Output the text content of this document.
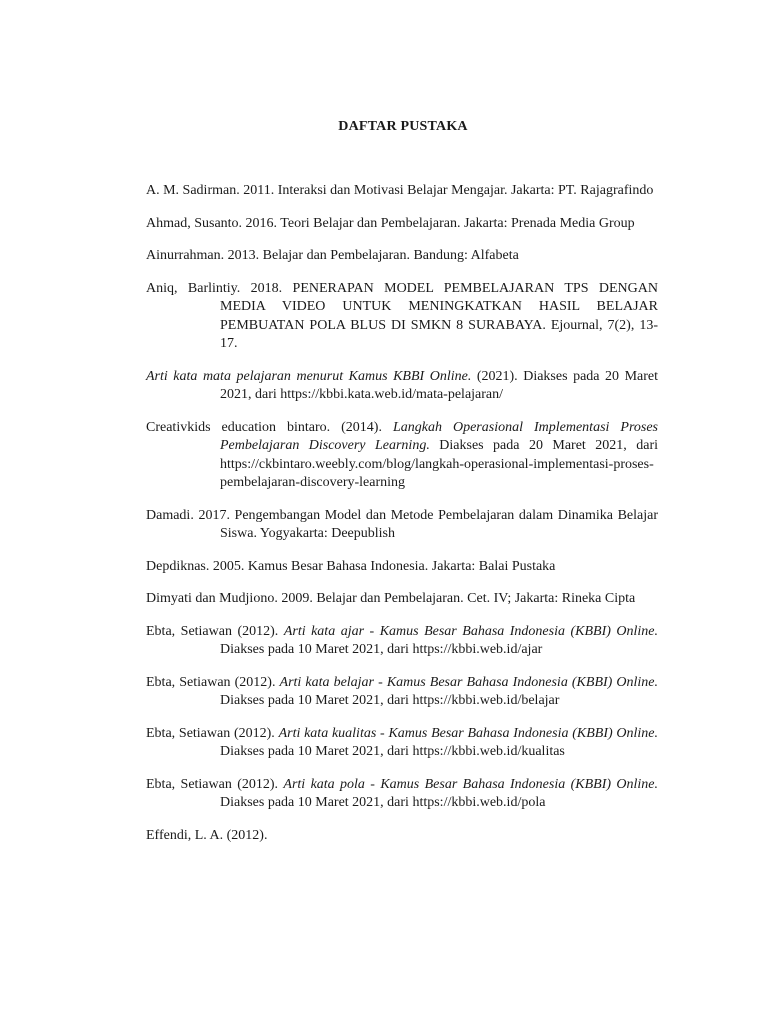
DAFTAR PUSTAKA

A. M. Sadirman. 2011. Interaksi dan Motivasi Belajar Mengajar. Jakarta: PT. Rajagrafindo

Ahmad, Susanto. 2016. Teori Belajar dan Pembelajaran. Jakarta: Prenada Media Group

Ainurrahman. 2013. Belajar dan Pembelajaran. Bandung: Alfabeta

Aniq, Barlintiy. 2018. PENERAPAN MODEL PEMBELAJARAN TPS DENGAN MEDIA VIDEO UNTUK MENINGKATKAN HASIL BELAJAR PEMBUATAN POLA BLUS DI SMKN 8 SURABAYA. Ejournal, 7(2), 13-17.

Arti kata mata pelajaran menurut Kamus KBBI Online. (2021). Diakses pada 20 Maret 2021, dari https://kbbi.kata.web.id/mata-pelajaran/

Creativkids education bintaro. (2014). Langkah Operasional Implementasi Proses Pembelajaran Discovery Learning. Diakses pada 20 Maret 2021, dari https://ckbintaro.weebly.com/blog/langkah-operasional-implementasi-proses-pembelajaran-discovery-learning

Damadi. 2017. Pengembangan Model dan Metode Pembelajaran dalam Dinamika Belajar Siswa. Yogyakarta: Deepublish

Depdiknas. 2005. Kamus Besar Bahasa Indonesia. Jakarta: Balai Pustaka

Dimyati dan Mudjiono. 2009. Belajar dan Pembelajaran. Cet. IV; Jakarta: Rineka Cipta

Ebta, Setiawan (2012). Arti kata ajar - Kamus Besar Bahasa Indonesia (KBBI) Online. Diakses pada 10 Maret 2021, dari https://kbbi.web.id/ajar

Ebta, Setiawan (2012). Arti kata belajar - Kamus Besar Bahasa Indonesia (KBBI) Online. Diakses pada 10 Maret 2021, dari https://kbbi.web.id/belajar

Ebta, Setiawan (2012). Arti kata kualitas - Kamus Besar Bahasa Indonesia (KBBI) Online. Diakses pada 10 Maret 2021, dari https://kbbi.web.id/kualitas

Ebta, Setiawan (2012). Arti kata pola - Kamus Besar Bahasa Indonesia (KBBI) Online. Diakses pada 10 Maret 2021, dari https://kbbi.web.id/pola

Effendi, L. A. (2012).
